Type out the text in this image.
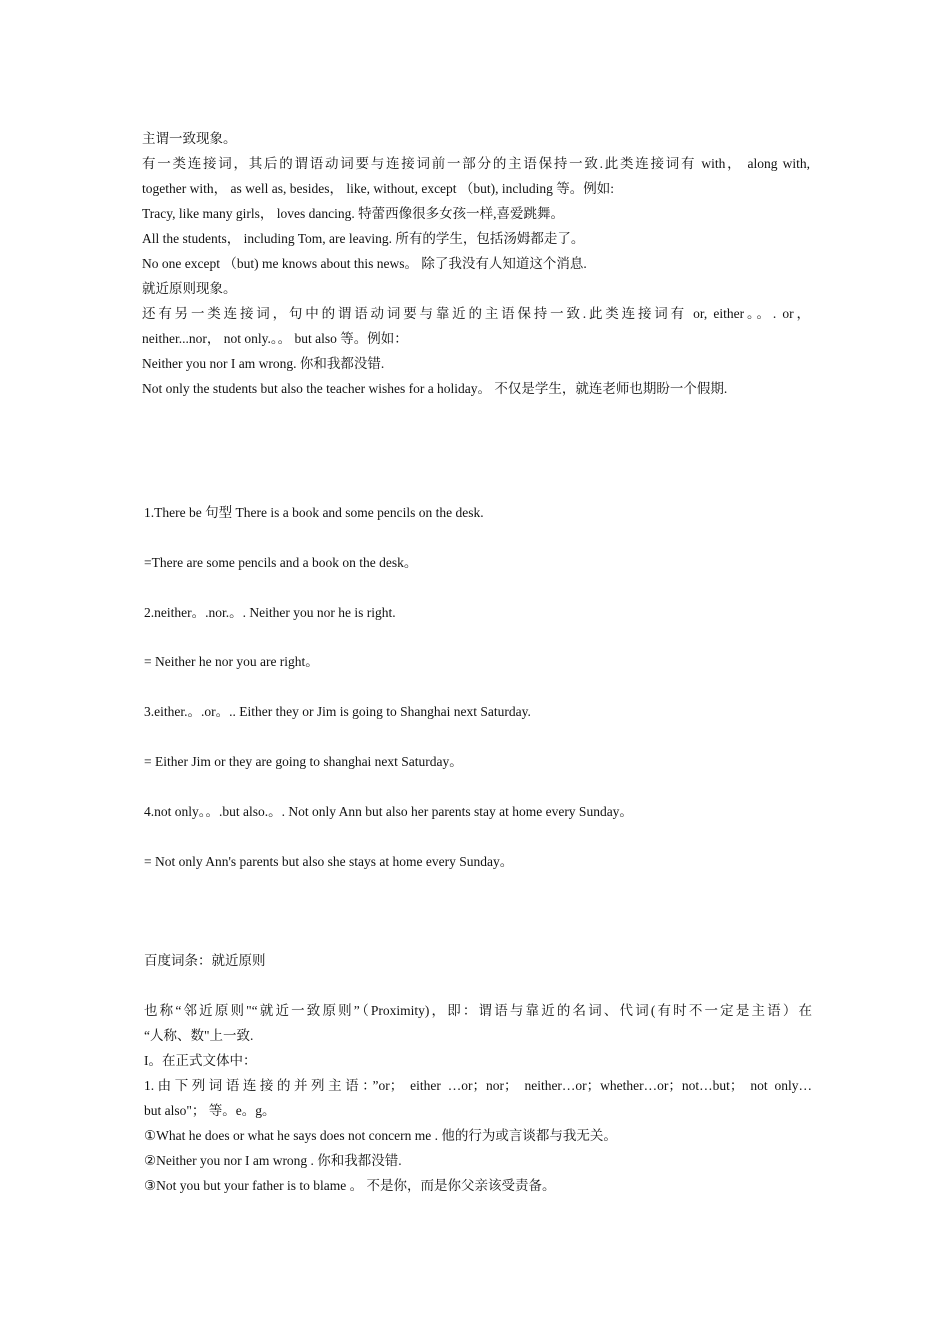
主谓一致现象。
有一类连接词，其后的谓语动词要与连接词前一部分的主语保持一致.此类连接词有 with， along with,
together with， as well as, besides， like, without, except （but), including 等。例如:
Tracy, like many girls， loves dancing. 特蕾西像很多女孩一样,喜爱跳舞。
All the students， including Tom, are leaving. 所有的学生，包括汤姆都走了。
No one except （but) me knows about this news。 除了我没有人知道这个消息.
就近原则现象。
还有另一类连接词，句中的谓语动词要与靠近的主语保持一致.此类连接词有 or, either。。. or，
neither...nor， not only.。。 but also 等。例如：
Neither you nor I am wrong. 你和我都没错.
Not only the students but also the teacher wishes for a holiday。 不仅是学生，就连老师也期盼一个假期.
1.There be 句型 There is a book and some pencils on the desk.
=There are some pencils and a book on the desk。
2.neither。.nor.。. Neither you nor he is right.
= Neither he nor you are right。
3.either.。.or。.. Either they or Jim is going to Shanghai next Saturday.
= Either Jim or they are going to shanghai next Saturday。
4.not only。。.but also.。. Not only Ann but also her parents stay at home every Sunday。
= Not only Ann's parents but also she stays at home every Sunday。
百度词条：就近原则
也称“邻近原则"“就近一致原则”（Proximity)，即：谓语与靠近的名词、代词(有时不一定是主语）在
“人称、数"上一致.
I。在正式文体中：
1.由下列词语连接的并列主语：”or； either …or；nor； neither…or；whether…or；not…but； not only…
but also"； 等。e。g。
①What he does or what he says does not concern me . 他的行为或言谈都与我无关。
②Neither you nor I am wrong . 你和我都没错.
③Not you but your father is to blame 。 不是你，而是你父亲该受责备。
